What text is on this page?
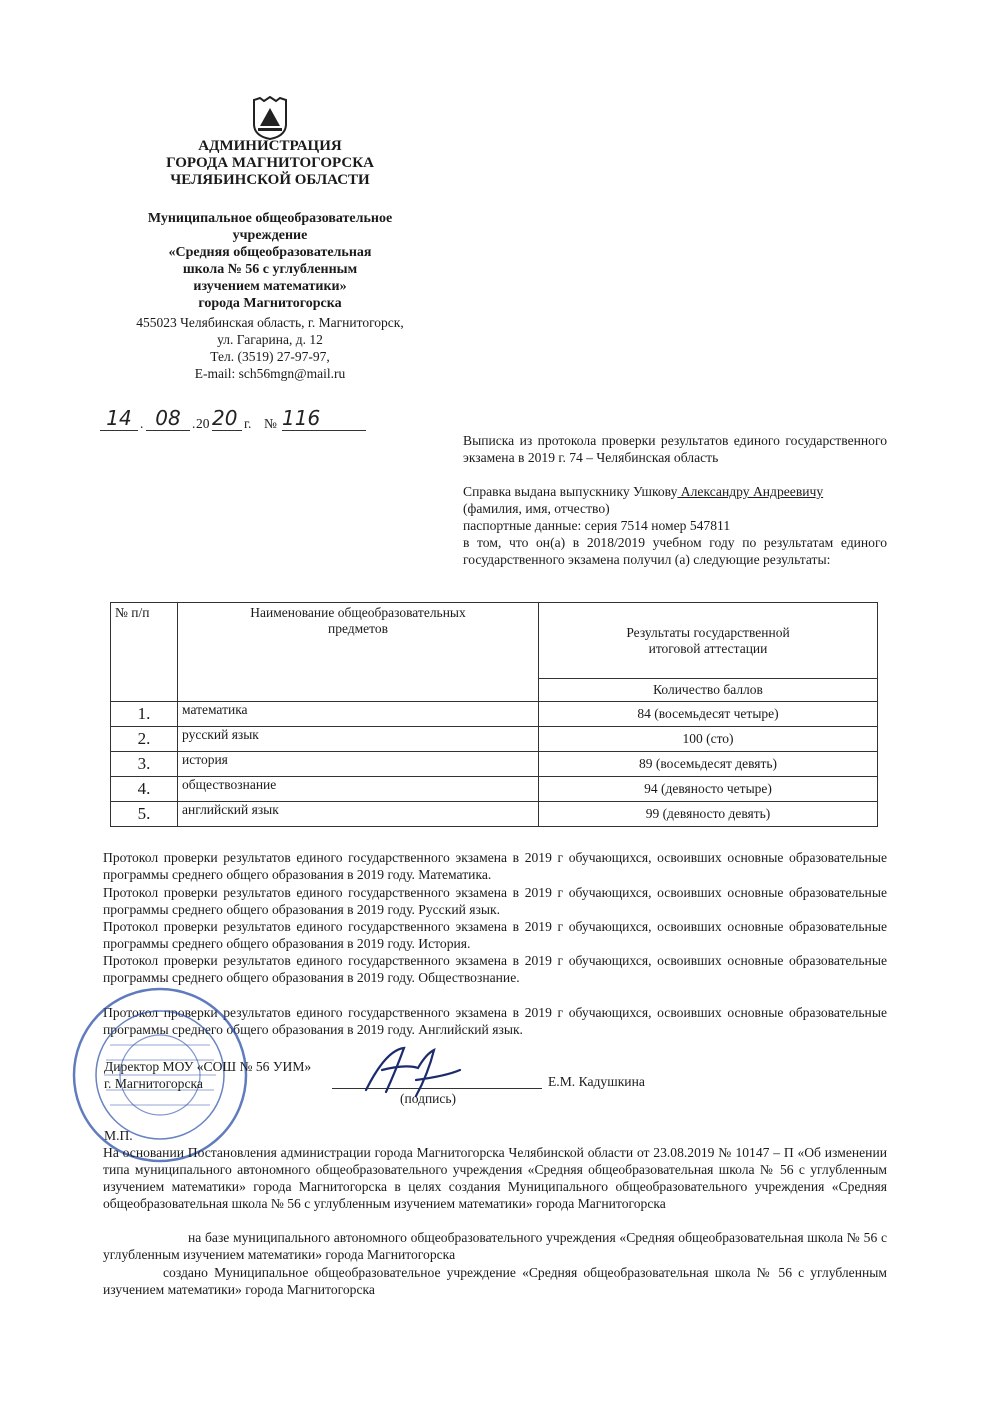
АДМИНИСТРАЦИЯ
ГОРОДА МАГНИТОГОРСКА
ЧЕЛЯБИНСКОЙ ОБЛАСТИ
Муниципальное общеобразовательное
учреждение
«Средняя общеобразовательная
школа № 56 с углубленным
изучением математики»
города Магнитогорска
455023 Челябинская область, г. Магнитогорск,
ул. Гагарина, д. 12
Тел. (3519) 27-97-97,
E-mail: sch56mgn@mail.ru
14 . 08 . 20 20 г. № 116
Выписка из протокола проверки результатов единого государственного экзамена в 2019 г. 74 – Челябинская область
Справка выдана выпускнику Ушкову Александру Андреевичу
(фамилия, имя, отчество)
паспортные данные: серия 7514 номер 547811
в том, что он(а) в 2018/2019 учебном году по результатам единого государственного экзамена получил (а) следующие результаты:
№ п/п	Наименование общеобразовательных предметов	Результаты государственной итоговой аттестации
		Количество баллов
1.	математика	84 (восемьдесят четыре)
2.	русский язык	100 (сто)
3.	история	89 (восемьдесят девять)
4.	обществознание	94 (девяносто четыре)
5.	английский язык	99 (девяносто девять)
Протокол проверки результатов единого государственного экзамена в 2019 г обучающихся, освоивших основные образовательные программы среднего общего образования в 2019 году. Математика.
Протокол проверки результатов единого государственного экзамена в 2019 г обучающихся, освоивших основные образовательные программы среднего общего образования в 2019 году. Русский язык.
Протокол проверки результатов единого государственного экзамена в 2019 г обучающихся, освоивших основные образовательные программы среднего общего образования в 2019 году. История.
Протокол проверки результатов единого государственного экзамена в 2019 г обучающихся, освоивших основные образовательные программы среднего общего образования в 2019 году. Обществознание.
Протокол проверки результатов единого государственного экзамена в 2019 г обучающихся, освоивших основные образовательные программы среднего общего образования в 2019 году. Английский язык.
Директор МОУ «СОШ № 56 УИМ»
г. Магнитогорска
(подпись)
Е.М. Кадушкина
М.П.
На основании Постановления администрации города Магнитогорска Челябинской области от 23.08.2019 № 10147 – П «Об изменении типа муниципального автономного общеобразовательного учреждения «Средняя общеобразовательная школа № 56 с углубленным изучением математики» города Магнитогорска в целях создания Муниципального общеобразовательного учреждения «Средняя общеобразовательная школа № 56 с углубленным изучением математики» города Магнитогорска
на базе муниципального автономного общеобразовательного учреждения «Средняя общеобразовательная школа № 56 с углубленным изучением математики» города Магнитогорска
создано Муниципальное общеобразовательное учреждение «Средняя общеобразовательная школа № 56 с углубленным изучением математики» города Магнитогорска
